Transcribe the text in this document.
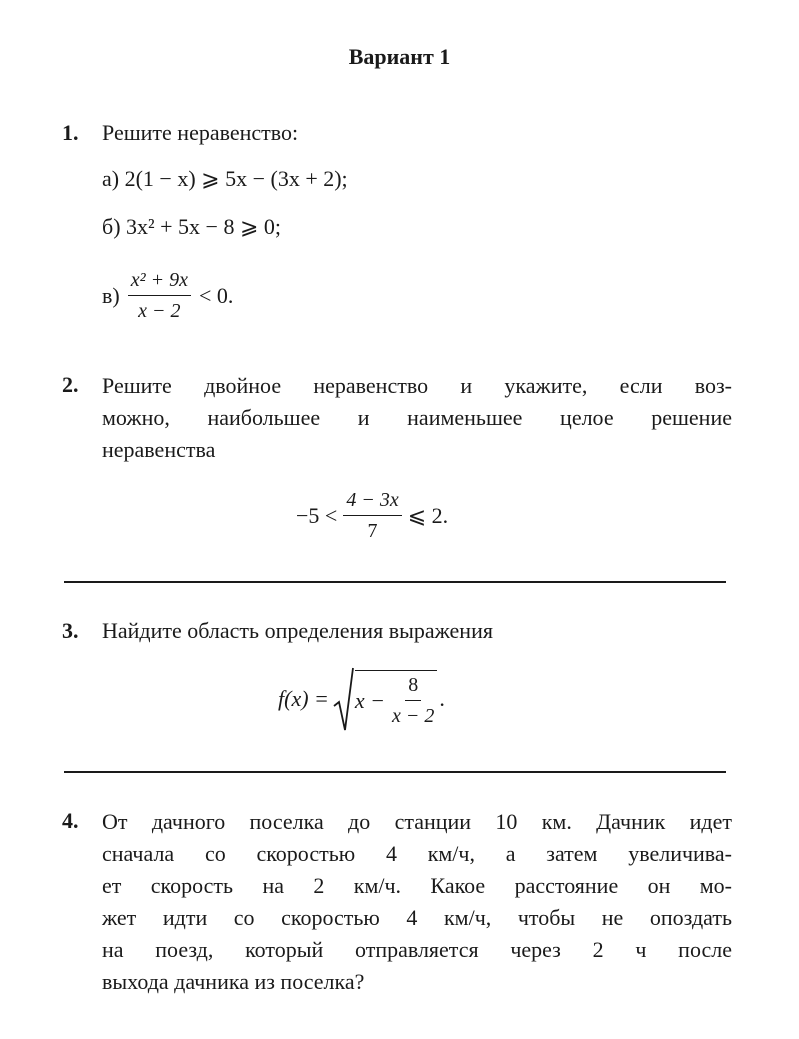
Вариант 1
1. Решите неравенство:
а) 2(1 − x) ⩾ 5x − (3x + 2);
б) 3x² + 5x − 8 ⩾ 0;
$в) \frac{\text{x² + 9x}}{x - 2} < 0$.
2. Решите двойное неравенство и укажите, если воз-
можно, наибольшее и наименьшее целое решение
неравенства
$-5 < \frac{4 - 3x}{7}$ ⩽ 2.
3. Найдите область определения выражения
$f(x) = x - \frac{8}{x - 2}$ .
4. От дачного поселка до станции 10 км. Дачник идет
сначала со скоростью 4 км/ч, а затем увеличива-
ет скорость на 2 км/ч. Какое расстояние он мо-
жет идти со скоростью 4 км/ч, чтобы не опоздать
на поезд, который отправляется через 2 ч после
выхода дачника из поселка?
